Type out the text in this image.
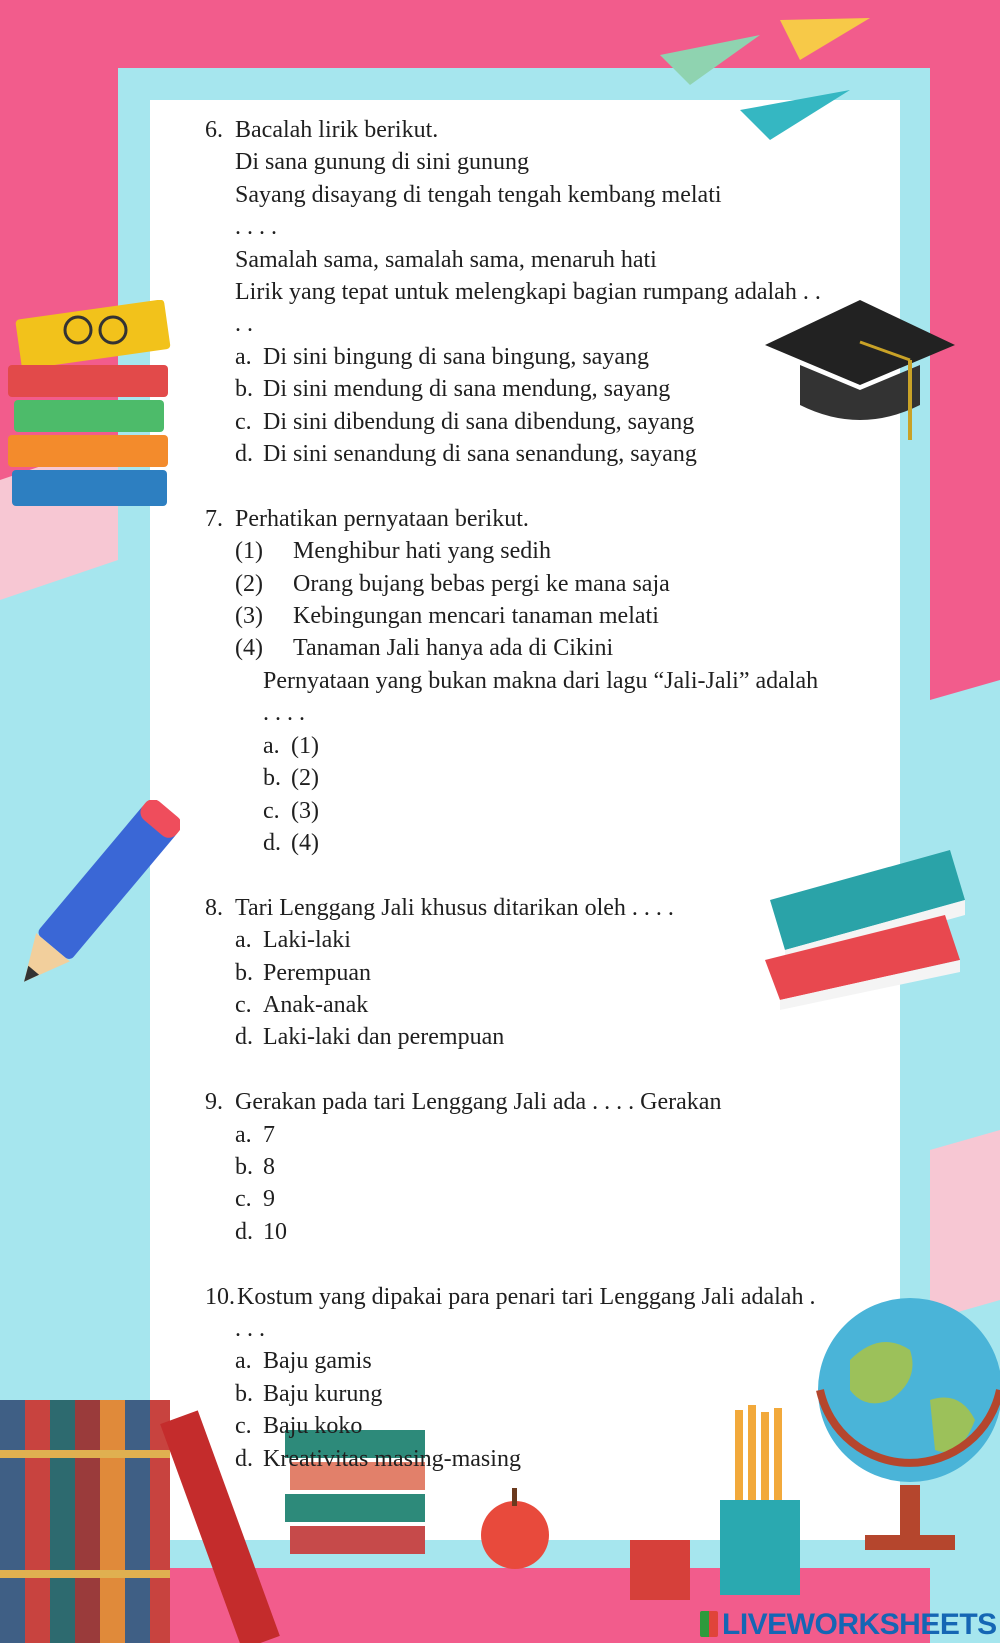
6. Bacalah lirik berikut.
Di sana gunung di sini gunung
Sayang disayang di tengah tengah kembang melati
. . . .
Samalah sama, samalah sama, menaruh hati
Lirik yang tepat untuk melengkapi bagian rumpang adalah . .
. .
a. Di sini bingung di sana bingung, sayang
b. Di sini mendung di sana mendung, sayang
c. Di sini dibendung di sana dibendung, sayang
d. Di sini senandung di sana senandung, sayang
7. Perhatikan pernyataan berikut.
(1)	Menghibur hati yang sedih
(2)	Orang bujang bebas pergi ke mana saja
(3)	Kebingungan mencari tanaman melati
(4)	Tanaman Jali hanya ada di Cikini
Pernyataan yang bukan makna dari lagu “Jali-Jali” adalah
. . . .
a. (1)
b. (2)
c. (3)
d. (4)
8. Tari Lenggang Jali khusus ditarikan oleh . . . .
a. Laki-laki
b. Perempuan
c. Anak-anak
d. Laki-laki dan perempuan
9. Gerakan pada tari Lenggang Jali ada . . . . Gerakan
a. 7
b. 8
c. 9
d. 10
10. Kostum yang dipakai para penari tari Lenggang Jali adalah .
. . .
a. Baju gamis
b. Baju kurung
c. Baju koko
d. Kreativitas masing-masing
LIVEWORKSHEETS
